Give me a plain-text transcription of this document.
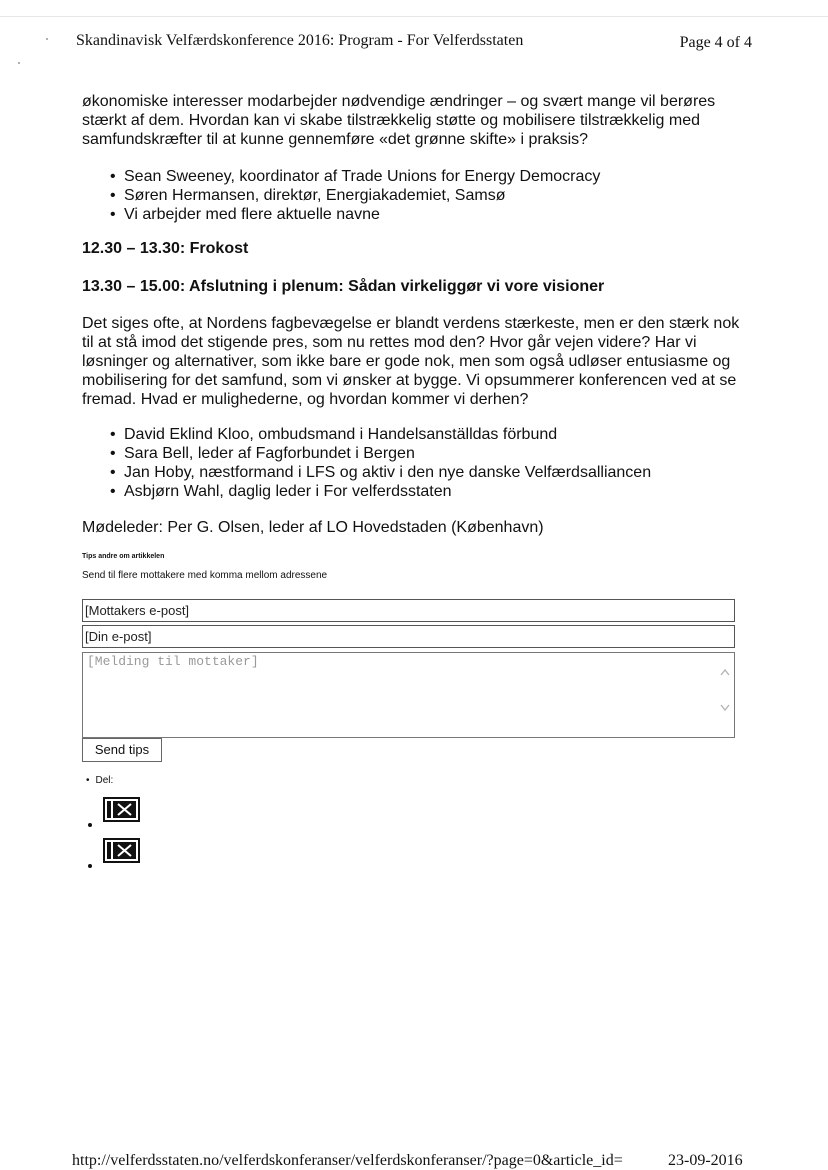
Skandinavisk Velfærdskonference 2016: Program - For Velferdsstaten	Page 4 of 4

økonomiske interesser modarbejder nødvendige ændringer – og svært mange vil berøres stærkt af dem. Hvordan kan vi skabe tilstrækkelig støtte og mobilisere tilstrækkelig med samfundskræfter til at kunne gennemføre «det grønne skifte» i praksis?

• Sean Sweeney, koordinator af Trade Unions for Energy Democracy
• Søren Hermansen, direktør, Energiakademiet, Samsø
• Vi arbejder med flere aktuelle navne
12.30 – 13.30: Frokost
13.30 – 15.00: Afslutning i plenum: Sådan virkeliggør vi vore visioner

Det siges ofte, at Nordens fagbevægelse er blandt verdens stærkeste, men er den stærk nok til at stå imod det stigende pres, som nu rettes mod den? Hvor går vejen videre? Har vi løsninger og alternativer, som ikke bare er gode nok, men som også udløser entusiasme og mobilisering for det samfund, som vi ønsker at bygge. Vi opsummerer konferencen ved at se fremad. Hvad er mulighederne, og hvordan kommer vi derhen?

• David Eklind Kloo, ombudsmand i Handelsanställdas förbund
• Sara Bell, leder af Fagforbundet i Bergen
• Jan Hoby, næstformand i LFS og aktiv i den nye danske Velfærdsalliancen
• Asbjørn Wahl, daglig leder i For velferdsstaten
Mødeleder: Per G. Olsen, leder af LO Hovedstaden (København)
Tips andre om artikkelen
Send til flere mottakere med komma mellom adressene
[Mottakers e-post]
[Din e-post]
[Melding til mottaker]
Send tips
• Del:
http://velferdsstaten.no/velferdskonferanser/velferdskonferanser/?page=0&article_id=	23-09-2016
